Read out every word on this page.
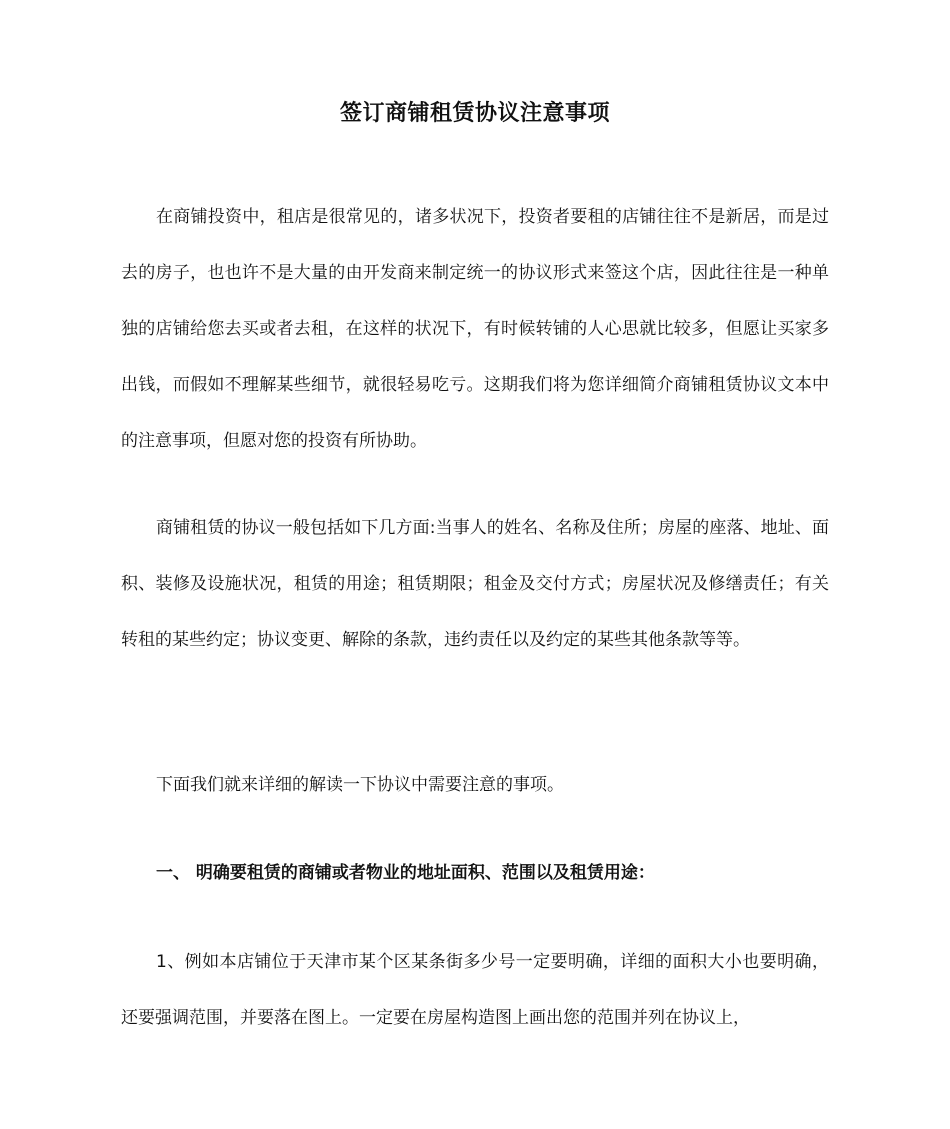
签订商铺租赁协议注意事项

在商铺投资中，租店是很常见的，诸多状况下，投资者要租的店铺往往不是新居，而是过去的房子，也也许不是大量的由开发商来制定统一的协议形式来签这个店，因此往往是一种单独的店铺给您去买或者去租，在这样的状况下，有时候转铺的人心思就比较多，但愿让买家多出钱，而假如不理解某些细节，就很轻易吃亏。这期我们将为您详细简介商铺租赁协议文本中的注意事项，但愿对您的投资有所协助。

商铺租赁的协议一般包括如下几方面:当事人的姓名、名称及住所；房屋的座落、地址、面积、装修及设施状况，租赁的用途；租赁期限；租金及交付方式；房屋状况及修缮责任；有关转租的某些约定；协议变更、解除的条款，违约责任以及约定的某些其他条款等等。

下面我们就来详细的解读一下协议中需要注意的事项。

一、 明确要租赁的商铺或者物业的地址面积、范围以及租赁用途：

1、例如本店铺位于天津市某个区某条街多少号一定要明确，详细的面积大小也要明确，还要强调范围，并要落在图上。一定要在房屋构造图上画出您的范围并列在协议上，
